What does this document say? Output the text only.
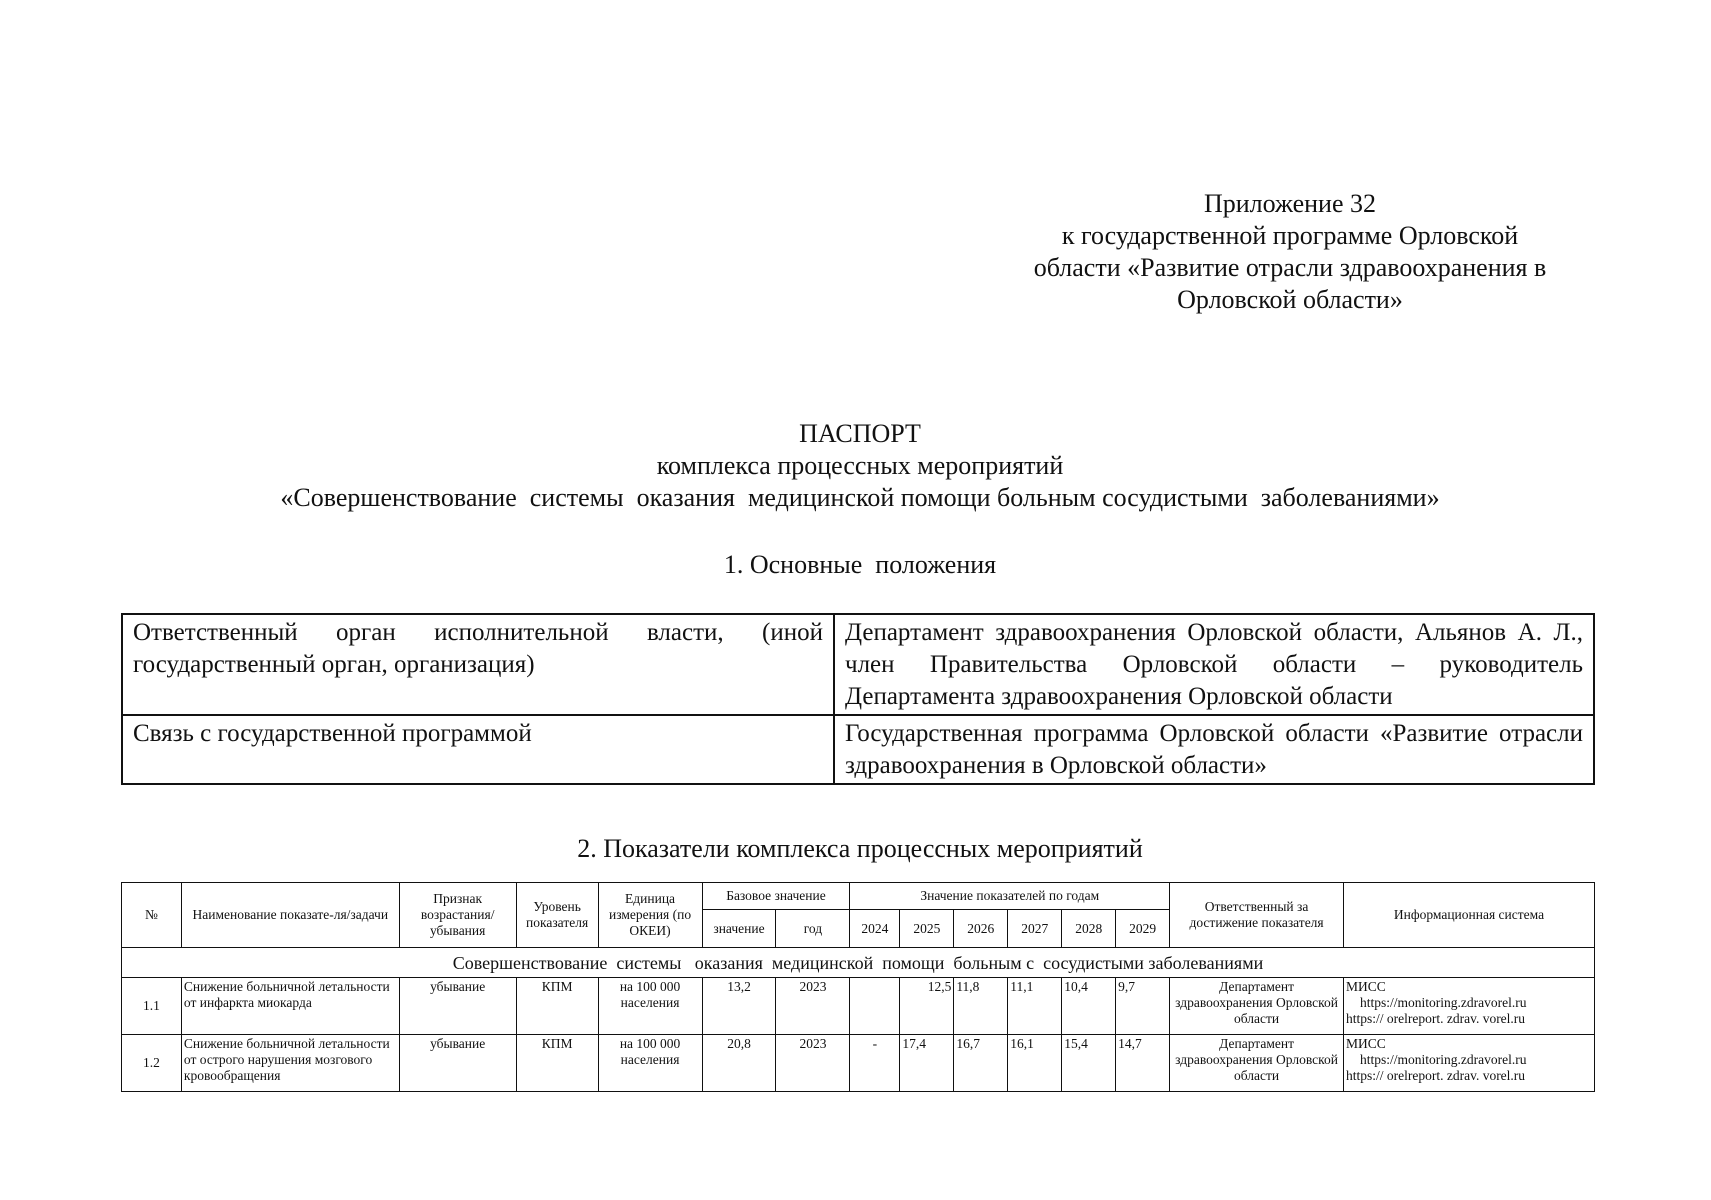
Приложение 32
к государственной программе Орловской
области «Развитие отрасли здравоохранения в
Орловской области»
ПАСПОРТ
комплекса процессных мероприятий
«Совершенствование  системы  оказания  медицинской помощи больным сосудистыми  заболеваниями»
1. Основные  положения
Ответственный  орган  исполнительной  власти,  (иной государственный орган, организация)	Департамент здравоохранения Орловской области, Альянов А. Л., член Правительства Орловской области – руководитель Департамента здравоохранения Орловской области
Связь с государственной программой	Государственная программа Орловской области «Развитие отрасли здравоохранения в Орловской области»
2. Показатели комплекса процессных мероприятий
№	Наименование показате-ля/задачи	Признак возрастания/ убывания	Уровень показателя	Единица измерения (по ОКЕИ)	Базовое значение		Значение показателей по годам						Ответственный за достижение показателя	Информационная система
					значение	год	2024	2025	2026	2027	2028	2029		
Совершенствование  системы   оказания  медицинской  помощи  больным с  сосудистыми заболеваниями														
1.1	Снижение больничной летальности от инфаркта миокарда	убывание	КПМ	на 100 000 населения	13,2	2023		12,5	11,8	11,1	10,4	9,7	Департамент здравоохранения Орловской области	МИСС
https://monitoring.zdravorel.ru
https:// orelreport. zdrav. vorel.ru

1.2	Снижение больничной летальности от острого нарушения мозгового кровообращения	убывание	КПМ	на 100 000 населения	20,8	2023	-	17,4	16,7	16,1	15,4	14,7	Департамент здравоохранения Орловской области	МИСС
https://monitoring.zdravorel.ru
https:// orelreport. zdrav. vorel.ru
